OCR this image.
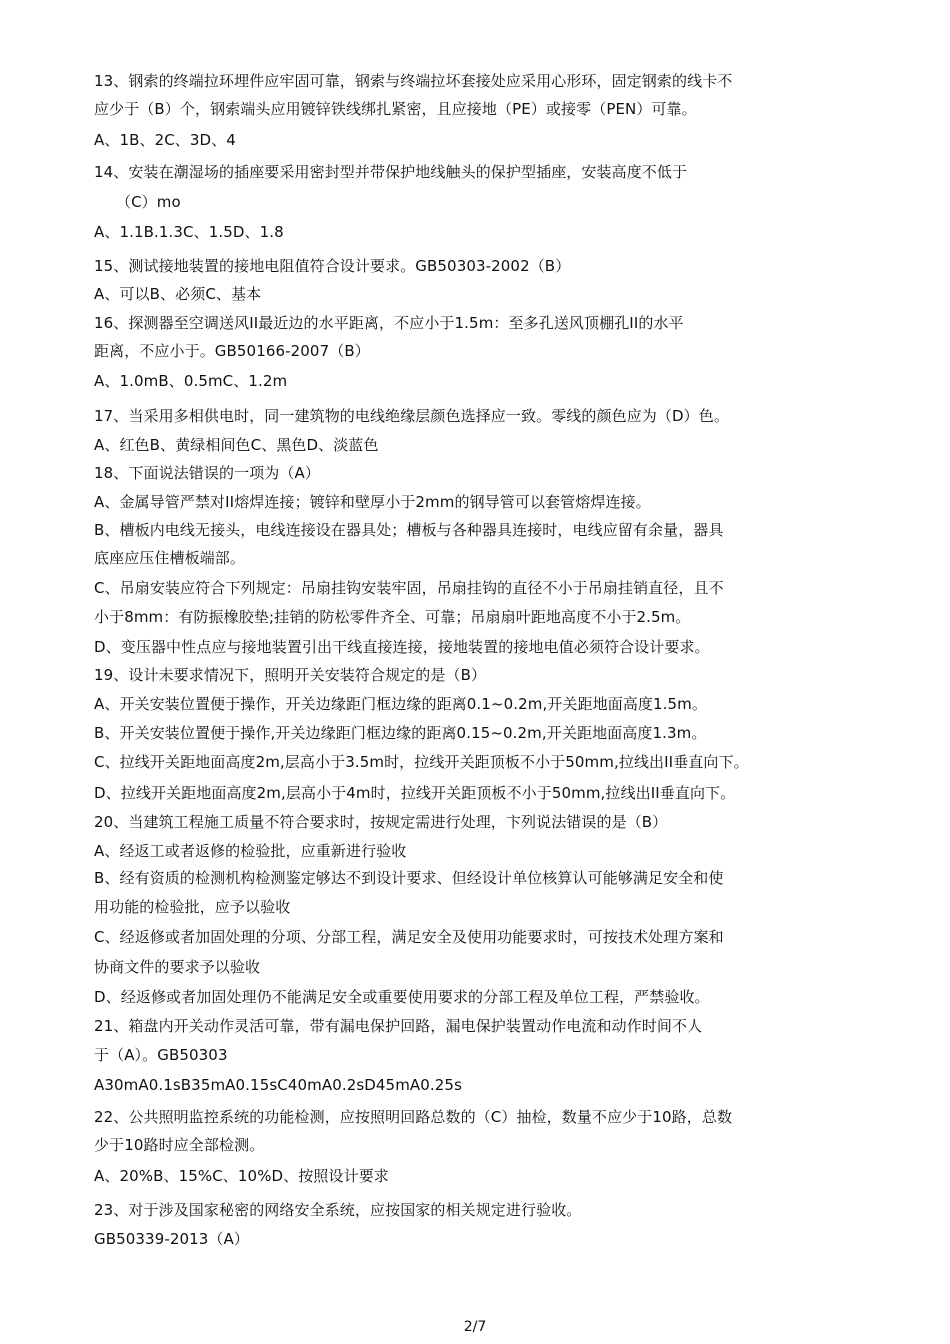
13、钢索的终端拉环埋件应牢固可靠，钢索与终端拉坏套接处应采用心形环，固定钢索的线卡不
应少于（B）个，钢索端头应用镀锌铁线绑扎紧密，且应接地（PE）或接零（PEN）可靠。
A、1B、2C、3D、4
14、安装在潮湿场的插座要采用密封型并带保护地线触头的保护型插座，安装高度不低于
（C）mo
A、1.1B.1.3C、1.5D、1.8
15、测试接地装置的接地电阻值符合设计要求。GB50303-2002（B）
A、可以B、必须C、基本
16、探测器至空调送风II最近边的水平距离，不应小于1.5m：至多孔送风顶棚孔II的水平
距离，不应小于。GB50166-2007（B）
A、1.0mB、0.5mC、1.2m
17、当采用多相供电时，同一建筑物的电线绝缘层颜色选择应一致。零线的颜色应为（D）色。
A、红色B、黄绿相间色C、黑色D、淡蓝色
18、下面说法错误的一项为（A）
A、金属导管严禁对II熔焊连接；镀锌和壁厚小于2mm的钢导管可以套管熔焊连接。
B、槽板内电线无接头，电线连接设在器具处；槽板与各种器具连接时，电线应留有余量，器具
底座应压住槽板端部。
C、吊扇安装应符合下列规定：吊扇挂钩安装牢固，吊扇挂钩的直径不小于吊扇挂销直径，且不
小于8mm：有防振橡胶垫;挂销的防松零件齐全、可靠；吊扇扇叶距地高度不小于2.5m。
D、变压器中性点应与接地装置引出干线直接连接，接地装置的接地电值必须符合设计要求。
19、设计未要求情况下，照明开关安装符合规定的是（B）
A、开关安装位置便于操作，开关边缘距门框边缘的距离0.1~0.2m,开关距地面高度1.5m。
B、开关安装位置便于操作,开关边缘距门框边缘的距离0.15~0.2m,开关距地面高度1.3m。
C、拉线开关距地面高度2m,层高小于3.5m时，拉线开关距顶板不小于50mm,拉线出II垂直向下。
D、拉线开关距地面高度2m,层高小于4m时，拉线开关距顶板不小于50mm,拉线出II垂直向下。
20、当建筑工程施工质量不符合要求时，按规定需进行处理，卞列说法错误的是（B）
A、经返工或者返修的检验批，应重新进行验收
B、经有资质的检测机构检测鉴定够达不到设计要求、但经设计单位核算认可能够满足安全和使
用功能的检验批，应予以验收
C、经返修或者加固处理的分项、分部工程，满足安全及使用功能要求时，可按技术处理方案和
协商文件的要求予以验收
D、经返修或者加固处理仍不能满足安全或重要使用要求的分部工程及单位工程，严禁验收。
21、箱盘内开关动作灵活可靠，带有漏电保护回路，漏电保护装置动作电流和动作时间不人
于（A）。GB50303
A30mA0.1sB35mA0.15sC40mA0.2sD45mA0.25s
22、公共照明监控系统的功能检测，应按照明回路总数的（C）抽检，数量不应少于10路，总数
少于10路时应全部检测。
A、20%B、15%C、10%D、按照设计要求
23、对于涉及国家秘密的网络安全系统，应按国家的相关规定进行验收。
GB50339-2013（A）
2/7
